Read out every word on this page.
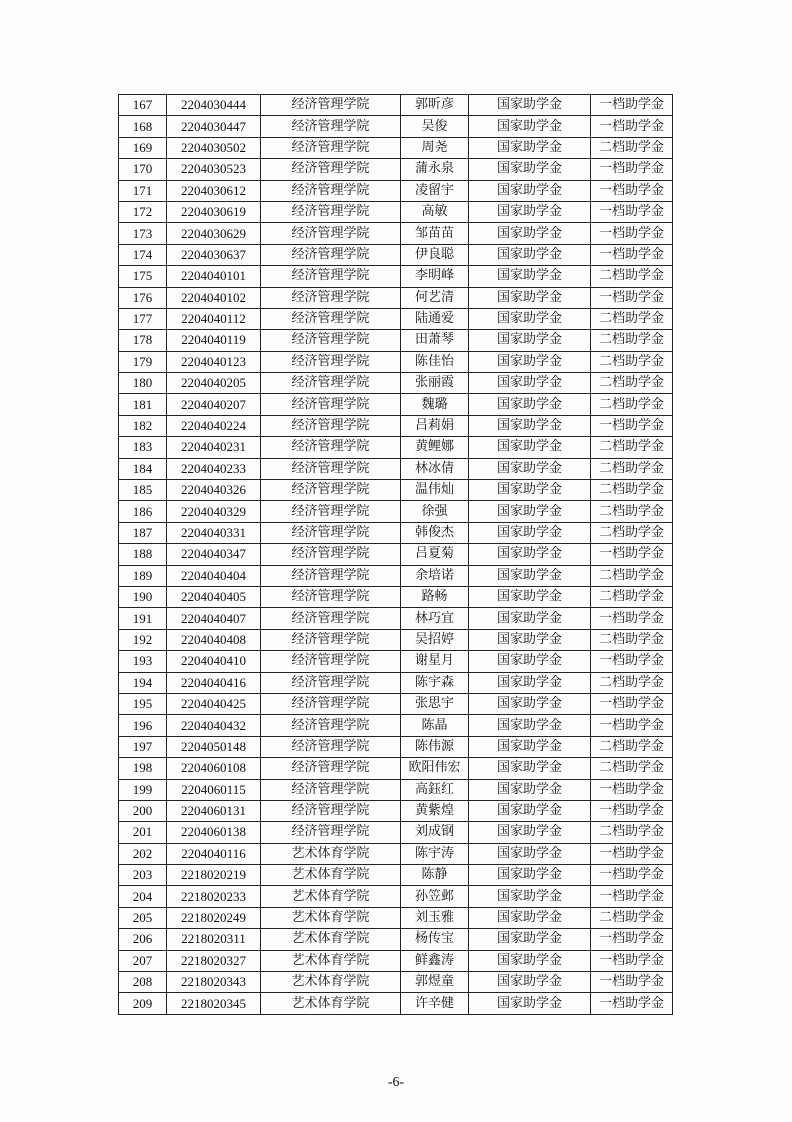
167	2204030444	经济管理学院	郭昕彦	国家助学金	一档助学金
168	2204030447	经济管理学院	吴俊	国家助学金	一档助学金
169	2204030502	经济管理学院	周尧	国家助学金	二档助学金
170	2204030523	经济管理学院	蒲永泉	国家助学金	一档助学金
171	2204030612	经济管理学院	凌留宇	国家助学金	一档助学金
172	2204030619	经济管理学院	高敏	国家助学金	一档助学金
173	2204030629	经济管理学院	邹苗苗	国家助学金	一档助学金
174	2204030637	经济管理学院	伊良聪	国家助学金	一档助学金
175	2204040101	经济管理学院	李明峰	国家助学金	二档助学金
176	2204040102	经济管理学院	何艺清	国家助学金	一档助学金
177	2204040112	经济管理学院	陆通爱	国家助学金	二档助学金
178	2204040119	经济管理学院	田萧琴	国家助学金	二档助学金
179	2204040123	经济管理学院	陈佳怡	国家助学金	二档助学金
180	2204040205	经济管理学院	张丽霞	国家助学金	二档助学金
181	2204040207	经济管理学院	魏璐	国家助学金	二档助学金
182	2204040224	经济管理学院	吕莉娟	国家助学金	一档助学金
183	2204040231	经济管理学院	黄鲤娜	国家助学金	二档助学金
184	2204040233	经济管理学院	林冰倩	国家助学金	二档助学金
185	2204040326	经济管理学院	温伟灿	国家助学金	二档助学金
186	2204040329	经济管理学院	徐强	国家助学金	二档助学金
187	2204040331	经济管理学院	韩俊杰	国家助学金	二档助学金
188	2204040347	经济管理学院	吕夏菊	国家助学金	一档助学金
189	2204040404	经济管理学院	余培诺	国家助学金	二档助学金
190	2204040405	经济管理学院	路畅	国家助学金	二档助学金
191	2204040407	经济管理学院	林巧宜	国家助学金	一档助学金
192	2204040408	经济管理学院	吴招婷	国家助学金	二档助学金
193	2204040410	经济管理学院	谢星月	国家助学金	一档助学金
194	2204040416	经济管理学院	陈宇森	国家助学金	二档助学金
195	2204040425	经济管理学院	张思宇	国家助学金	一档助学金
196	2204040432	经济管理学院	陈晶	国家助学金	一档助学金
197	2204050148	经济管理学院	陈伟源	国家助学金	二档助学金
198	2204060108	经济管理学院	欧阳伟宏	国家助学金	二档助学金
199	2204060115	经济管理学院	高鈺红	国家助学金	一档助学金
200	2204060131	经济管理学院	黄紫煌	国家助学金	一档助学金
201	2204060138	经济管理学院	刘成钢	国家助学金	二档助学金
202	2204040116	艺术体育学院	陈宇涛	国家助学金	一档助学金
203	2218020219	艺术体育学院	陈静	国家助学金	一档助学金
204	2218020233	艺术体育学院	孙笠邺	国家助学金	一档助学金
205	2218020249	艺术体育学院	刘玉雅	国家助学金	二档助学金
206	2218020311	艺术体育学院	杨传宝	国家助学金	一档助学金
207	2218020327	艺术体育学院	鲜鑫涛	国家助学金	一档助学金
208	2218020343	艺术体育学院	郭煜童	国家助学金	一档助学金
209	2218020345	艺术体育学院	许辛健	国家助学金	一档助学金
-6-
